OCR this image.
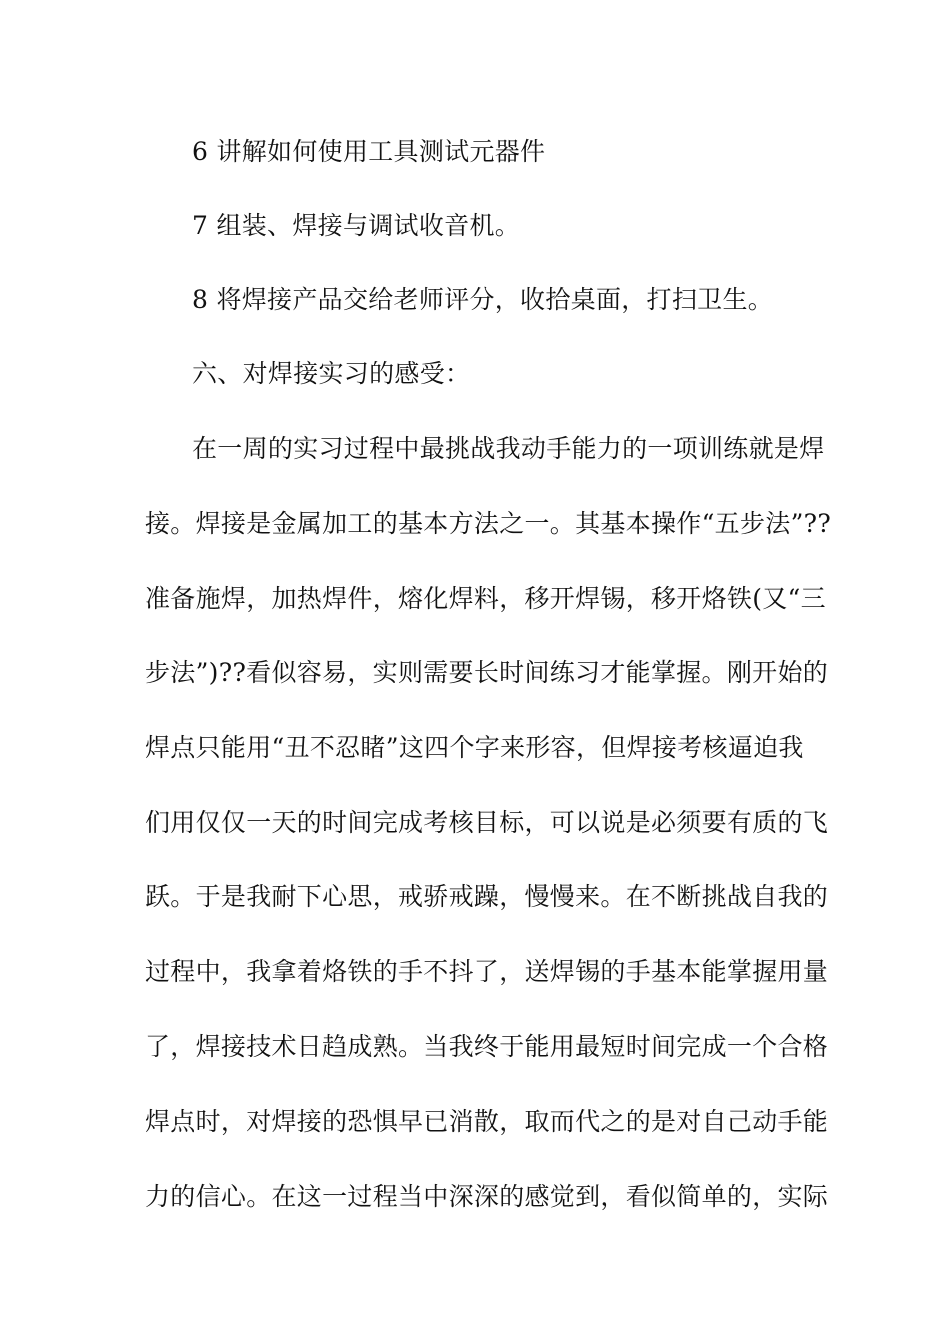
6 讲解如何使用工具测试元器件
7 组装、焊接与调试收音机。
8 将焊接产品交给老师评分，收拾桌面，打扫卫生。
六、对焊接实习的感受：
在一周的实习过程中最挑战我动手能力的一项训练就是焊
接。焊接是金属加工的基本方法之一。其基本操作“五步法”??
准备施焊，加热焊件，熔化焊料，移开焊锡，移开烙铁(又“三
步法”)??看似容易，实则需要长时间练习才能掌握。刚开始的
焊点只能用“丑不忍睹”这四个字来形容，但焊接考核逼迫我
们用仅仅一天的时间完成考核目标，可以说是必须要有质的飞
跃。于是我耐下心思，戒骄戒躁，慢慢来。在不断挑战自我的
过程中，我拿着烙铁的手不抖了，送焊锡的手基本能掌握用量
了，焊接技术日趋成熟。当我终于能用最短时间完成一个合格
焊点时，对焊接的恐惧早已消散，取而代之的是对自己动手能
力的信心。在这一过程当中深深的感觉到，看似简单的，实际
